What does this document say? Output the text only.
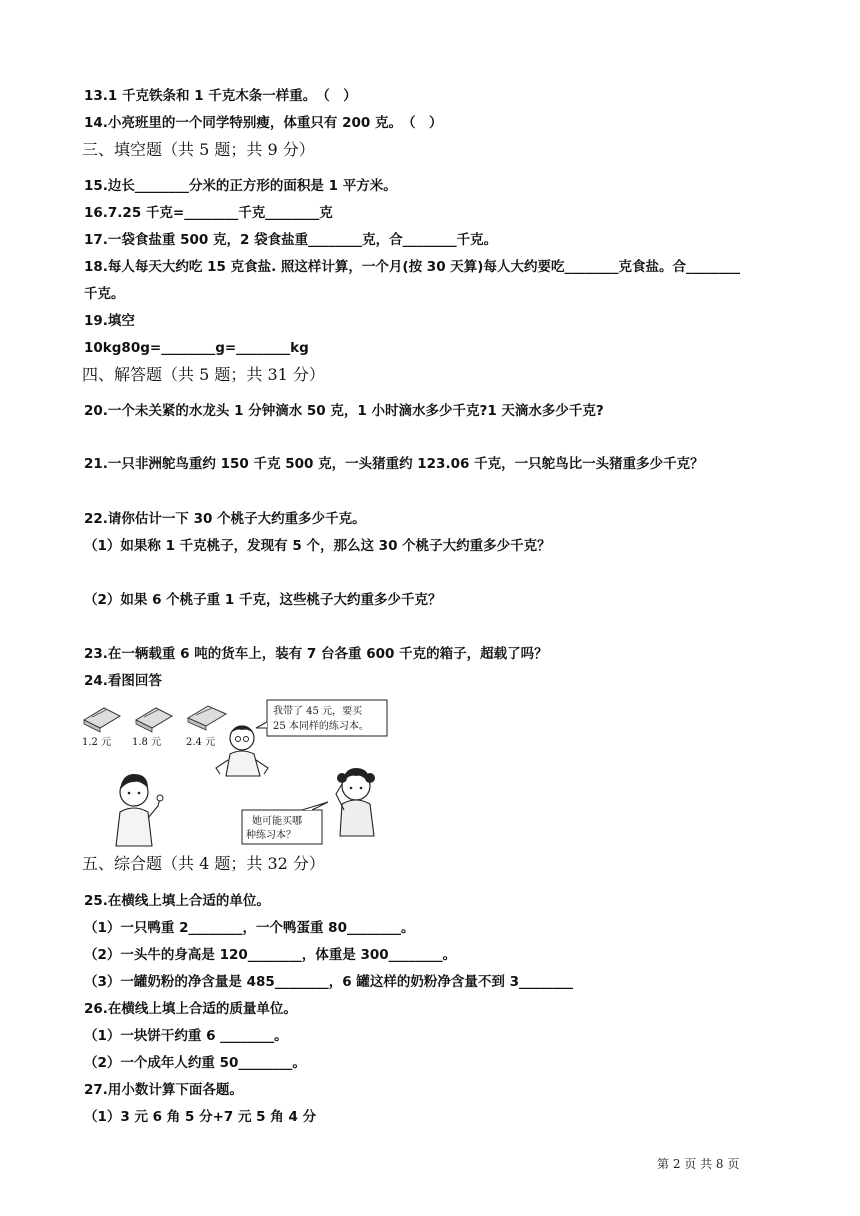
13.1 千克铁条和 1 千克木条一样重。　（　）
14.小亮班里的一个同学特别瘦，体重只有 200 克。　（　）
三、填空题（共 5 题；共 9 分）
15.边长________分米的正方形的面积是 1 平方米。
16.7.25 千克=________千克________克
17.一袋食盐重 500 克，2 袋食盐重________克，合________千克。
18.每人每天大约吃 15 克食盐. 照这样计算，一个月(按 30 天算)每人大约要吃________克食盐。合________
千克。
19.填空
10kg80g=________g=________kg
四、解答题（共 5 题；共 31 分）
20.一个未关紧的水龙头 1 分钟滴水 50 克，1 小时滴水多少千克?1 天滴水多少千克?
21.一只非洲鸵鸟重约 150 千克 500 克，一头猪重约 123.06 千克，一只鸵鸟比一头猪重多少千克？
22.请你估计一下 30 个桃子大约重多少千克。
（1）如果称 1 千克桃子，发现有 5 个，那么这 30 个桃子大约重多少千克？
（2）如果 6 个桃子重 1 千克，这些桃子大约重多少千克？
23.在一辆载重 6 吨的货车上，装有 7 台各重 600 千克的箱子，超载了吗？
24.看图回答
1.2 元 1.8 元 2.4 元
我带了 45 元，要买
25 本同样的练习本。
她可能买哪
种练习本？
五、综合题（共 4 题；共 32 分）
25.在横线上填上合适的单位。
（1）一只鸭重 2________，一个鸭蛋重 80________。
（2）一头牛的身高是 120________，体重是 300________。
（3）一罐奶粉的净含量是 485________，6 罐这样的奶粉净含量不到 3________
26.在横线上填上合适的质量单位。
（1）一块饼干约重 6 ________。
（2）一个成年人约重 50________。
27.用小数计算下面各题。
（1）3 元 6 角 5 分+7 元 5 角 4 分
第 2 页 共 8 页
